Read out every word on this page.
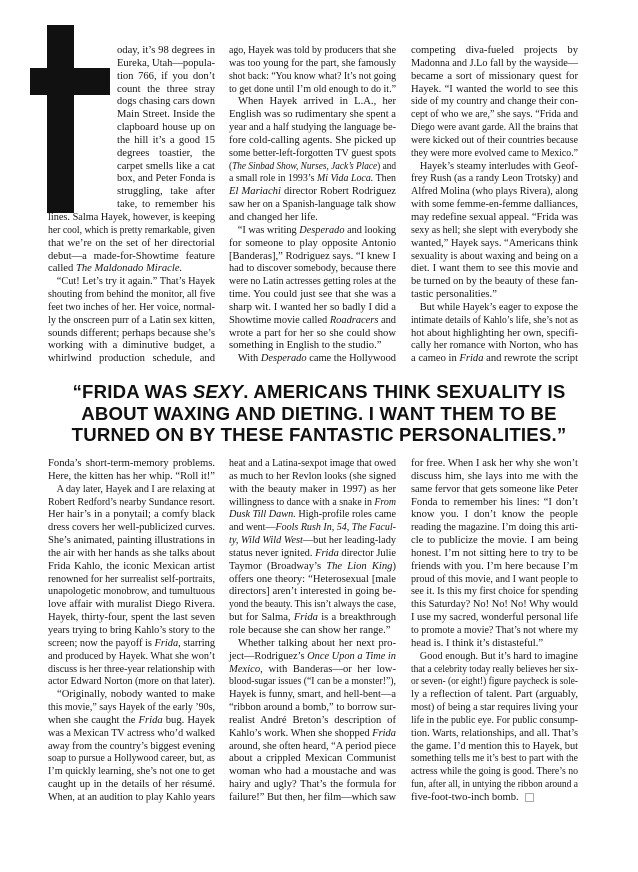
oday, it’s 98 degrees in
Eureka, Utah—popula-
tion 766, if you don’t
count the three stray
dogs chasing cars down
Main Street. Inside the
clapboard house up on
the hill it’s a good 15
degrees toastier, the
carpet smells like a cat
box, and Peter Fonda is
struggling, take after
take, to remember his
lines. Salma Hayek, however, is keeping
her cool, which is pretty remarkable, given
that we’re on the set of her directorial
debut—a made-for-Showtime feature
called The Maldonado Miracle.
“Cut! Let’s try it again.” That’s Hayek
shouting from behind the monitor, all five
feet two inches of her. Her voice, normal-
ly the onscreen purr of a Latin sex kitten,
sounds different; perhaps because she’s
working with a diminutive budget, a
whirlwind production schedule, and
ago, Hayek was told by producers that she
was too young for the part, she famously
shot back: “You know what? It’s not going
to get done until I’m old enough to do it.”
When Hayek arrived in L.A., her
English was so rudimentary she spent a
year and a half studying the language be-
fore cold-calling agents. She picked up
some better-left-forgotten TV guest spots
(The Sinbad Show, Nurses, Jack’s Place) and
a small role in 1993’s Mi Vida Loca. Then
El Mariachi director Robert Rodriguez
saw her on a Spanish-language talk show
and changed her life.
“I was writing Desperado and looking
for someone to play opposite Antonio
[Banderas],” Rodriguez says. “I knew I
had to discover somebody, because there
were no Latin actresses getting roles at the
time. You could just see that she was a
sharp wit. I wanted her so badly I did a
Showtime movie called Roadracers and
wrote a part for her so she could show
something in English to the studio.”
With Desperado came the Hollywood
competing diva-fueled projects by
Madonna and J.Lo fall by the wayside—
became a sort of missionary quest for
Hayek. “I wanted the world to see this
side of my country and change their con-
cept of who we are,” she says. “Frida and
Diego were avant garde. All the brains that
were kicked out of their countries because
they were more evolved came to Mexico.”
Hayek’s steamy interludes with Geof-
frey Rush (as a randy Leon Trotsky) and
Alfred Molina (who plays Rivera), along
with some femme-en-femme dalliances,
may redefine sexual appeal. “Frida was
sexy as hell; she slept with everybody she
wanted,” Hayek says. “Americans think
sexuality is about waxing and being on a
diet. I want them to see this movie and
be turned on by the beauty of these fan-
tastic personalities.”
But while Hayek’s eager to expose the
intimate details of Kahlo’s life, she’s not as
hot about highlighting her own, specifi-
cally her romance with Norton, who has
a cameo in Frida and rewrote the script
“FRIDA WAS SEXY. AMERICANS THINK SEXUALITY IS
ABOUT WAXING AND DIETING. I WANT THEM TO BE
TURNED ON BY THESE FANTASTIC PERSONALITIES.”
Fonda’s short-term-memory problems.
Here, the kitten has her whip. “Roll it!”
A day later, Hayek and I are relaxing at
Robert Redford’s nearby Sundance resort.
Her hair’s in a ponytail; a comfy black
dress covers her well-publicized curves.
She’s animated, painting illustrations in
the air with her hands as she talks about
Frida Kahlo, the iconic Mexican artist
renowned for her surrealist self-portraits,
unapologetic monobrow, and tumultuous
love affair with muralist Diego Rivera.
Hayek, thirty-four, spent the last seven
years trying to bring Kahlo’s story to the
screen; now the payoff is Frida, starring
and produced by Hayek. What she won’t
discuss is her three-year relationship with
actor Edward Norton (more on that later).
“Originally, nobody wanted to make
this movie,” says Hayek of the early ’90s,
when she caught the Frida bug. Hayek
was a Mexican TV actress who’d walked
away from the country’s biggest evening
soap to pursue a Hollywood career, but, as
I’m quickly learning, she’s not one to get
caught up in the details of her résumé.
When, at an audition to play Kahlo years
heat and a Latina-sexpot image that owed
as much to her Revlon looks (she signed
with the beauty maker in 1997) as her
willingness to dance with a snake in From
Dusk Till Dawn. High-profile roles came
and went—Fools Rush In, 54, The Facul-
ty, Wild Wild West—but her leading-lady
status never ignited. Frida director Julie
Taymor (Broadway’s The Lion King)
offers one theory: “Heterosexual [male
directors] aren’t interested in going be-
yond the beauty. This isn’t always the case,
but for Salma, Frida is a breakthrough
role because she can show her range.”
Whether talking about her next pro-
ject—Rodriguez’s Once Upon a Time in
Mexico, with Banderas—or her low-
blood-sugar issues (“I can be a monster!”),
Hayek is funny, smart, and hell-bent—a
“ribbon around a bomb,” to borrow sur-
realist André Breton’s description of
Kahlo’s work. When she shopped Frida
around, she often heard, “A period piece
about a crippled Mexican Communist
woman who had a moustache and was
hairy and ugly? That’s the formula for
failure!” But then, her film—which saw
for free. When I ask her why she won’t
discuss him, she lays into me with the
same fervor that gets someone like Peter
Fonda to remember his lines: “I don’t
know you. I don’t know the people
reading the magazine. I’m doing this arti-
cle to publicize the movie. I am being
honest. I’m not sitting here to try to be
friends with you. I’m here because I’m
proud of this movie, and I want people to
see it. Is this my first choice for spending
this Saturday? No! No! No! Why would
I use my sacred, wonderful personal life
to promote a movie? That’s not where my
head is. I think it’s distasteful.”
Good enough. But it’s hard to imagine
that a celebrity today really believes her six-
or seven- (or eight!) figure paycheck is sole-
ly a reflection of talent. Part (arguably,
most) of being a star requires living your
life in the public eye. For public consump-
tion. Warts, relationships, and all. That’s
the game. I’d mention this to Hayek, but
something tells me it’s best to part with the
actress while the going is good. There’s no
fun, after all, in untying the ribbon around a
five-foot-two-inch bomb.
